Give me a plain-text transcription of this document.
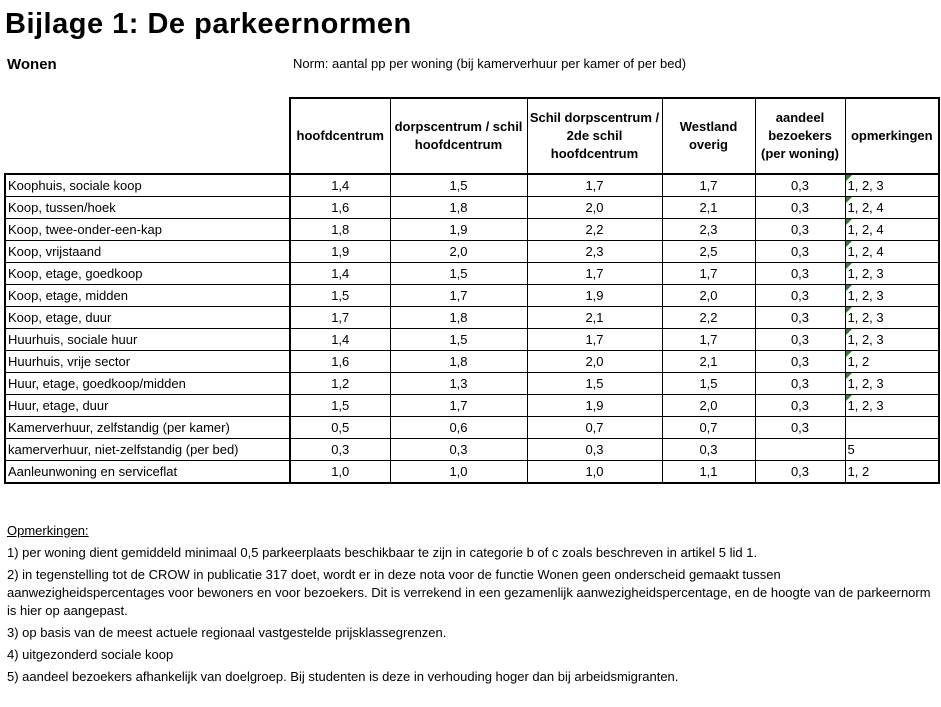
Bijlage 1: De parkeernormen
Wonen	Norm: aantal pp per woning (bij kamerverhuur per kamer of per bed)
	hoofdcentrum	dorpscentrum / schil hoofdcentrum	Schil dorpscentrum / 2de schil hoofdcentrum	Westland overig	aandeel bezoekers (per woning)	opmerkingen
Koophuis, sociale koop	1,4	1,5	1,7	1,7	0,3	1, 2, 3
Koop, tussen/hoek	1,6	1,8	2,0	2,1	0,3	1, 2, 4
Koop, twee-onder-een-kap	1,8	1,9	2,2	2,3	0,3	1, 2, 4
Koop, vrijstaand	1,9	2,0	2,3	2,5	0,3	1, 2, 4
Koop, etage, goedkoop	1,4	1,5	1,7	1,7	0,3	1, 2, 3
Koop, etage, midden	1,5	1,7	1,9	2,0	0,3	1, 2, 3
Koop, etage, duur	1,7	1,8	2,1	2,2	0,3	1, 2, 3
Huurhuis, sociale huur	1,4	1,5	1,7	1,7	0,3	1, 2, 3
Huurhuis, vrije sector	1,6	1,8	2,0	2,1	0,3	1, 2
Huur, etage, goedkoop/midden	1,2	1,3	1,5	1,5	0,3	1, 2, 3
Huur, etage, duur	1,5	1,7	1,9	2,0	0,3	1, 2, 3
Kamerverhuur, zelfstandig (per kamer)	0,5	0,6	0,7	0,7	0,3	
kamerverhuur, niet-zelfstandig (per bed)	0,3	0,3	0,3	0,3		5
Aanleunwoning en serviceflat	1,0	1,0	1,0	1,1	0,3	1, 2
Opmerkingen:

1) per woning dient gemiddeld minimaal 0,5 parkeerplaats beschikbaar te zijn in categorie b of c zoals beschreven in artikel 5 lid 1.

2) in tegenstelling tot de CROW in publicatie 317 doet, wordt er in deze nota voor de functie Wonen geen onderscheid gemaakt tussen aanwezigheidspercentages voor bewoners en voor bezoekers. Dit is verrekend in een gezamenlijk aanwezigheidspercentage, en de hoogte van de parkeernorm is hier op aangepast.

3) op basis van de meest actuele regionaal vastgestelde prijsklassegrenzen.

4) uitgezonderd sociale koop

5) aandeel bezoekers afhankelijk van doelgroep. Bij studenten is deze in verhouding hoger dan bij arbeidsmigranten.
